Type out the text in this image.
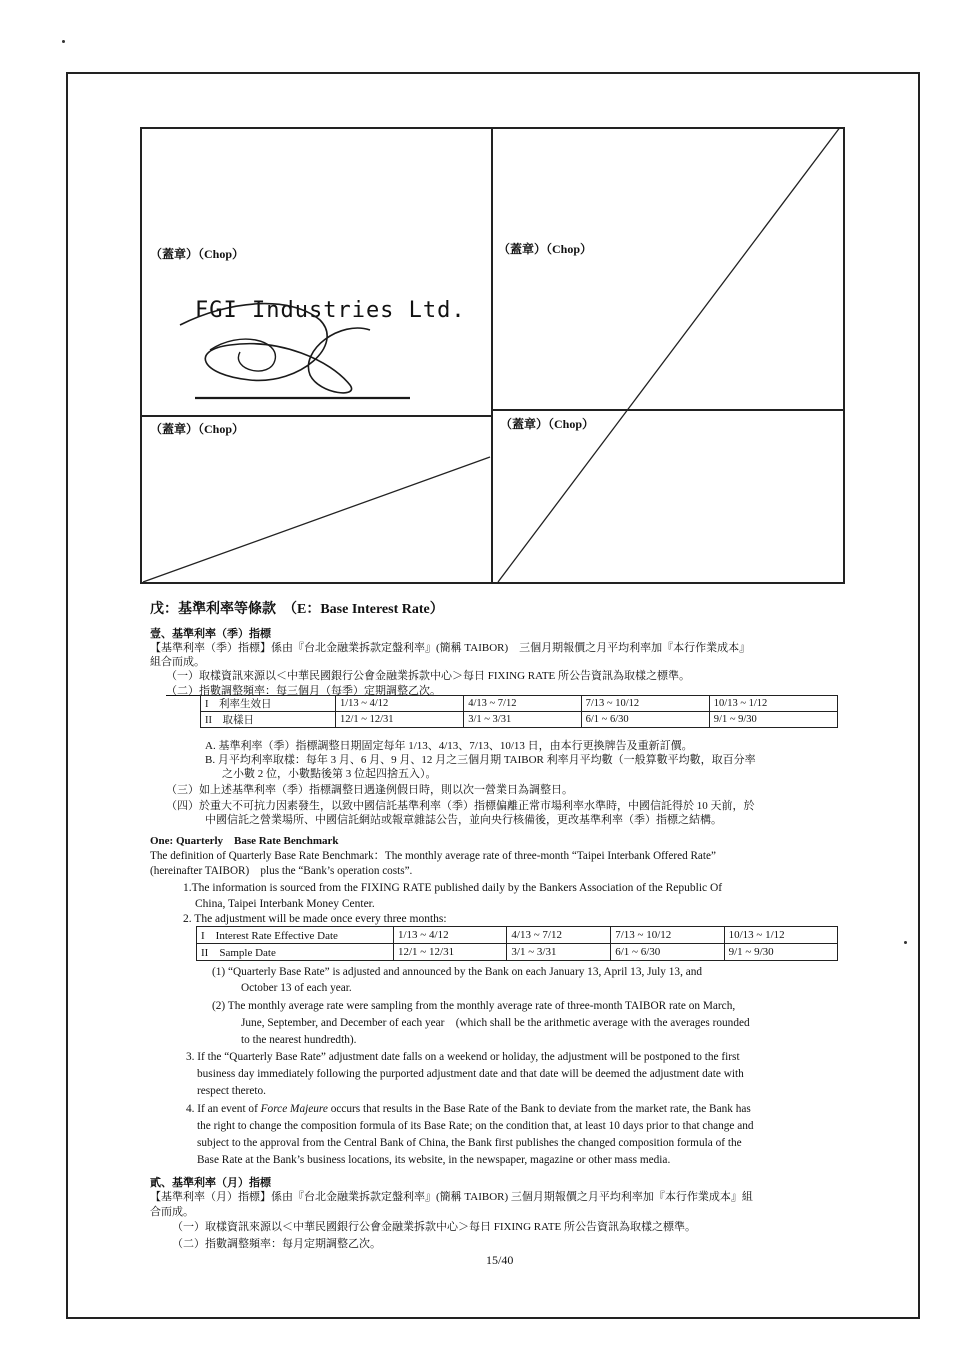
（蓋章）（Chop）	（蓋章）（Chop）
（蓋章）（Chop）	（蓋章）（Chop）
FGI Industries Ltd.
戊：基準利率等條款　（E：Base Interest Rate）
壹、基準利率（季）指標
【基準利率（季）指標】係由『台北金融業拆款定盤利率』(簡稱 TAIBOR)　三個月期報價之月平均利率加『本行作業成本』
組合而成。
（一）取樣資訊來源以＜中華民國銀行公會金融業拆款中心＞每日 FIXING RATE 所公告資訊為取樣之標準。
（二）指數調整頻率：每三個月（每季）定期調整乙次。
I　利率生效日	1/13 ~ 4/12	4/13 ~ 7/12	7/13 ~ 10/12	10/13 ~ 1/12
II　取樣日	12/1 ~ 12/31	3/1 ~ 3/31	6/1 ~ 6/30	9/1 ~ 9/30
A. 基準利率（季）指標調整日期固定每年 1/13、4/13、7/13、10/13 日，由本行更換牌告及重新訂價。
B. 月平均利率取樣：每年 3 月、6 月、9 月、12 月之三個月期 TAIBOR 利率月平均數（一般算數平均數，取百分率
之小數 2 位，小數點後第 3 位起四捨五入）。
（三）如上述基準利率（季）指標調整日遇逢例假日時，則以次一營業日為調整日。
（四）於重大不可抗力因素發生，以致中國信託基準利率（季）指標偏離正常市場利率水準時，中國信託得於 10 天前，於
中國信託之營業場所、中國信託網站或報章雜誌公告，並向央行核備後，更改基準利率（季）指標之結構。
One: Quarterly　Base Rate Benchmark
The definition of Quarterly Base Rate Benchmark：The monthly average rate of three-month “Taipei Interbank Offered Rate”
(hereinafter TAIBOR)　plus the “Bank’s operation costs”.
1.The information is sourced from the FIXING RATE published daily by the Bankers Association of the Republic Of
China, Taipei Interbank Money Center.
2. The adjustment will be made once every three months:
I　Interest Rate Effective Date	1/13 ~ 4/12	4/13 ~ 7/12	7/13 ~ 10/12	10/13 ~ 1/12
II　Sample Date	12/1 ~ 12/31	3/1 ~ 3/31	6/1 ~ 6/30	9/1 ~ 9/30
(1) “Quarterly Base Rate” is adjusted and announced by the Bank on each January 13, April 13, July 13, and
October 13 of each year.
(2) The monthly average rate were sampling from the monthly average rate of three-month TAIBOR rate on March,
June, September, and December of each year　(which shall be the arithmetic average with the averages rounded
to the nearest hundredth).
3. If the “Quarterly Base Rate” adjustment date falls on a weekend or holiday, the adjustment will be postponed to the first
business day immediately following the purported adjustment date and that date will be deemed the adjustment date with
respect thereto.
4. If an event of Force Majeure occurs that results in the Base Rate of the Bank to deviate from the market rate, the Bank has
the right to change the composition formula of its Base Rate; on the condition that, at least 10 days prior to that change and
subject to the approval from the Central Bank of China, the Bank first publishes the changed composition formula of the
Base Rate at the Bank’s business locations, its website, in the newspaper, magazine or other mass media.
貳、基準利率（月）指標
【基準利率（月）指標】係由『台北金融業拆款定盤利率』(簡稱 TAIBOR) 三個月期報價之月平均利率加『本行作業成本』組
合而成。
（一）取樣資訊來源以＜中華民國銀行公會金融業拆款中心＞每日 FIXING RATE 所公告資訊為取樣之標準。
（二）指數調整頻率：每月定期調整乙次。
15/40
